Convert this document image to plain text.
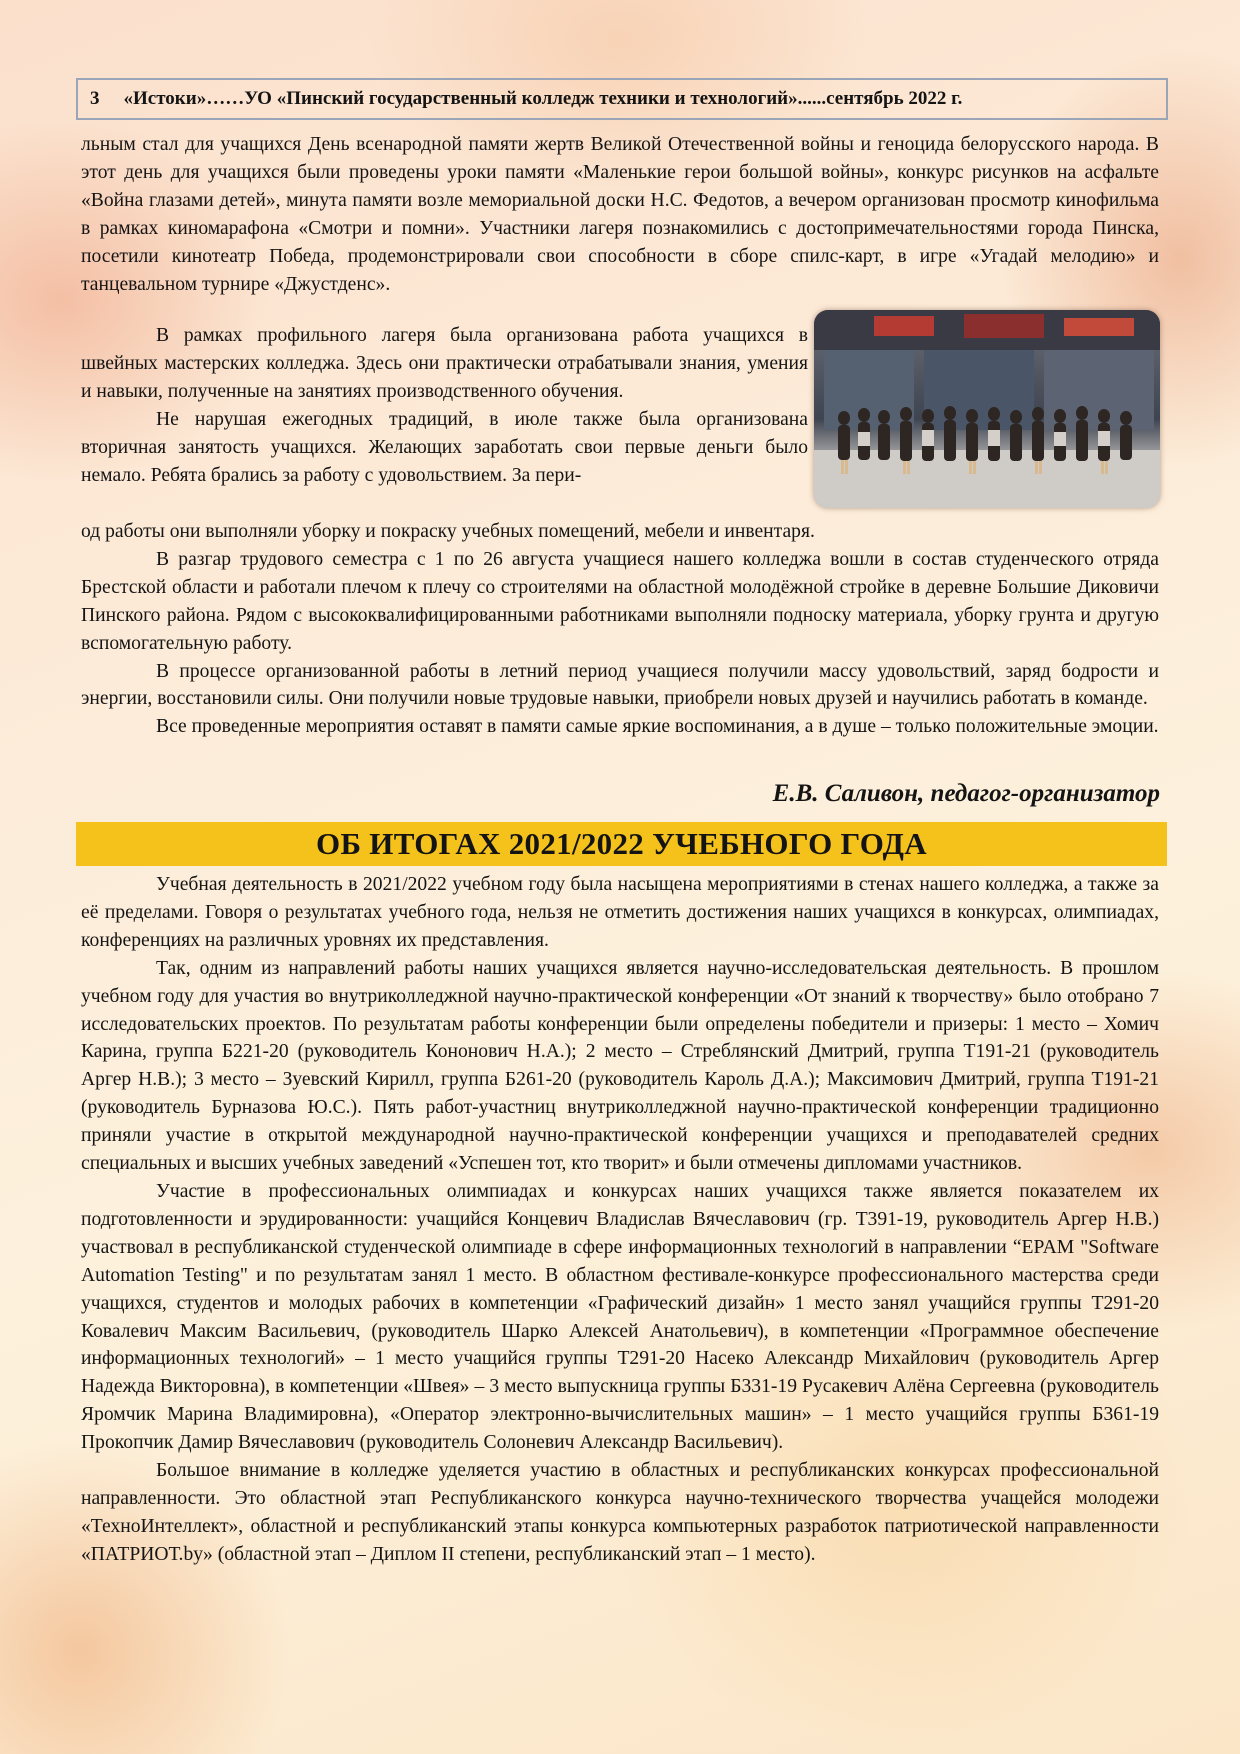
3 «Истоки»……УО «Пинский государственный колледж техники и технологий»......сентябрь 2022 г.

льным стал для учащихся День всенародной памяти жертв Великой Отечественной войны и геноцида белорусского народа. В этот день для учащихся были проведены уроки памяти «Маленькие герои большой войны», конкурс рисунков на асфальте «Война глазами детей», минута памяти возле мемориальной доски Н.С. Федотов, а вечером организован просмотр кинофильма в рамках киномарафона «Смотри и помни». Участники лагеря познакомились с достопримечательностями города Пинска, посетили кинотеатр Победа, продемонстрировали свои способности в сборе спилс-карт, в игре «Угадай мелодию» и танцевальном турнире «Джустденс».

В рамках профильного лагеря была организована работа учащихся в швейных мастерских колледжа. Здесь они практически отрабатывали знания, умения и навыки, полученные на занятиях производственного обучения.

Не нарушая ежегодных традиций, в июле также была организована вторичная занятость учащихся. Желающих заработать свои первые деньги было немало. Ребята брались за работу с удовольствием. За пери-

од работы они выполняли уборку и покраску учебных помещений, мебели и инвентаря.

В разгар трудового семестра с 1 по 26 августа учащиеся нашего колледжа вошли в состав студенческого отряда Брестской области и работали плечом к плечу со строителями на областной молодёжной стройке в деревне Большие Диковичи Пинского района. Рядом с высококвалифицированными работниками выполняли подноску материала, уборку грунта и другую вспомогательную работу.

В процессе организованной работы в летний период учащиеся получили массу удовольствий, заряд бодрости и энергии, восстановили силы. Они получили новые трудовые навыки, приобрели новых друзей и научились работать в команде.

Все проведенные мероприятия оставят в памяти самые яркие воспоминания, а в душе – только положительные эмоции.

Е.В. Саливон, педагог-организатор
ОБ ИТОГАХ 2021/2022 УЧЕБНОГО ГОДА

Учебная деятельность в 2021/2022 учебном году была насыщена мероприятиями в стенах нашего колледжа, а также за её пределами. Говоря о результатах учебного года, нельзя не отметить достижения наших учащихся в конкурсах, олимпиадах, конференциях на различных уровнях их представления.

Так, одним из направлений работы наших учащихся является научно-исследовательская деятельность. В прошлом учебном году для участия во внутриколледжной научно-практической конференции «От знаний к творчеству» было отобрано 7 исследовательских проектов. По результатам работы конференции были определены победители и призеры: 1 место – Хомич Карина, группа Б221-20 (руководитель Кононович Н.А.); 2 место – Стреблянский Дмитрий, группа Т191-21 (руководитель Аргер Н.В.); 3 место – Зуевский Кирилл, группа Б261-20 (руководитель Кароль Д.А.); Максимович Дмитрий, группа Т191-21 (руководитель Бурназова Ю.С.). Пять работ-участниц внутриколледжной научно-практической конференции традиционно приняли участие в открытой международной научно-практической конференции учащихся и преподавателей средних специальных и высших учебных заведений «Успешен тот, кто творит» и были отмечены дипломами участников.

Участие в профессиональных олимпиадах и конкурсах наших учащихся также является показателем их подготовленности и эрудированности: учащийся Концевич Владислав Вячеславович (гр. Т391-19, руководитель Аргер Н.В.) участвовал в республиканской студенческой олимпиаде в сфере информационных технологий в направлении “EPAM "Software Automation Testing" и по результатам занял 1 место. В областном фестивале-конкурсе профессионального мастерства среди учащихся, студентов и молодых рабочих в компетенции «Графический дизайн» 1 место занял учащийся группы Т291-20 Ковалевич Максим Васильевич, (руководитель Шарко Алексей Анатольевич), в компетенции «Программное обеспечение информационных технологий» – 1 место учащийся группы Т291-20 Насеко Александр Михайлович (руководитель Аргер Надежда Викторовна), в компетенции «Швея» – 3 место выпускница группы Б331-19 Русакевич Алёна Сергеевна (руководитель Яромчик Марина Владимировна), «Оператор электронно-вычислительных машин» – 1 место учащийся группы Б361-19 Прокопчик Дамир Вячеславович (руководитель Солоневич Александр Васильевич).

Большое внимание в колледже уделяется участию в областных и республиканских конкурсах профессиональной направленности. Это областной этап Республиканского конкурса научно-технического творчества учащейся молодежи «ТехноИнтеллект», областной и республиканский этапы конкурса компьютерных разработок патриотической направленности «ПАТРИОТ.by» (областной этап – Диплом II степени, республиканский этап – 1 место).
